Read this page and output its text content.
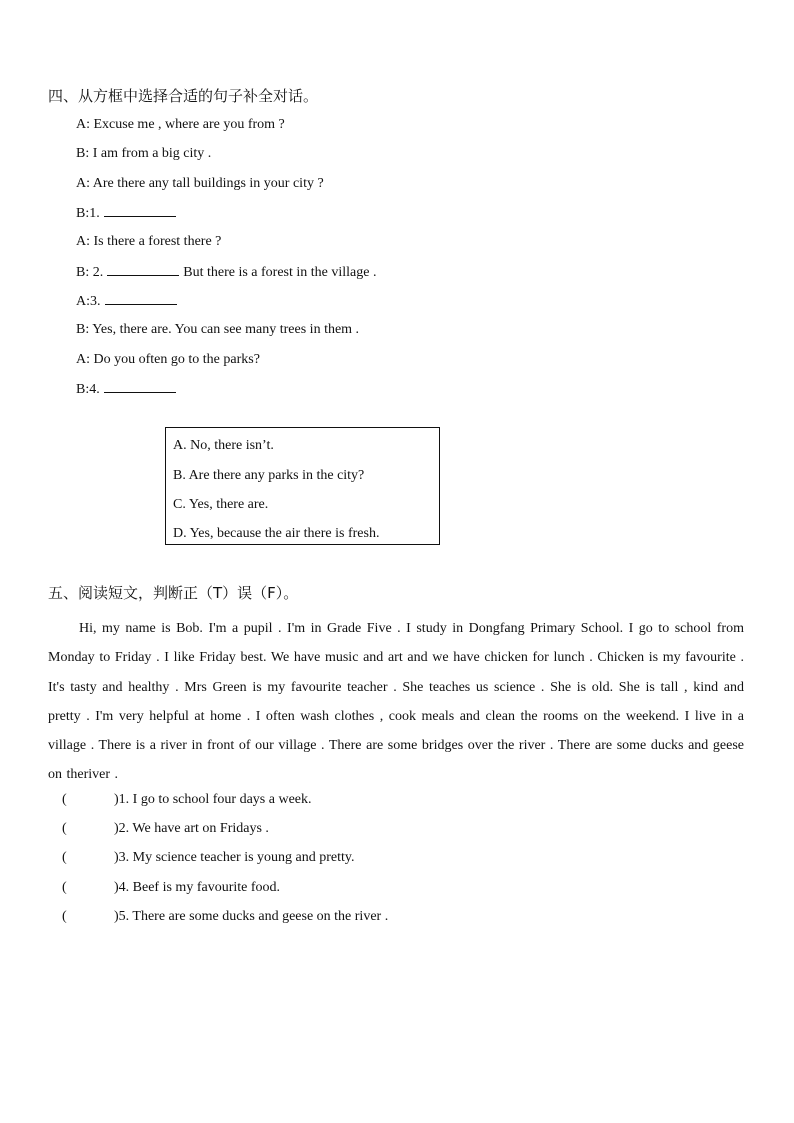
四、从方框中选择合适的句子补全对话。
A: Excuse me , where are you from ?
B: I am from a big city .
A: Are there any tall buildings in your city ?
B:1.
A: Is there a forest there ?
B: 2.	But there is a forest in the village .
A:3.
B: Yes, there are. You can see many trees in them .
A: Do you often go to the parks?
B:4.
A. No, there isn’t.
B. Are there any parks in the city?
C. Yes, there are.
D. Yes, because the air there is fresh.
五、阅读短文，判断正（T）误（F）。
Hi, my name is Bob. I'm a pupil . I'm in Grade Five . I study in Dongfang Primary School. I go to school from Monday to Friday . I like Friday best. We have music and art and we have chicken for lunch . Chicken is my favourite . It's tasty and healthy . Mrs Green is my favourite teacher . She teaches us science . She is old. She is tall , kind and pretty . I'm very helpful at home . I often wash clothes , cook meals and clean the rooms on the weekend. I live in a village . There is a river in front of our village . There are some bridges over the river . There are some ducks and geese on theriver .
(	)1. I go to school four days a week.
(	)2. We have art on Fridays .
(	)3. My science teacher is young and pretty.
(	)4. Beef is my favourite food.
(	)5. There are some ducks and geese on the river .
